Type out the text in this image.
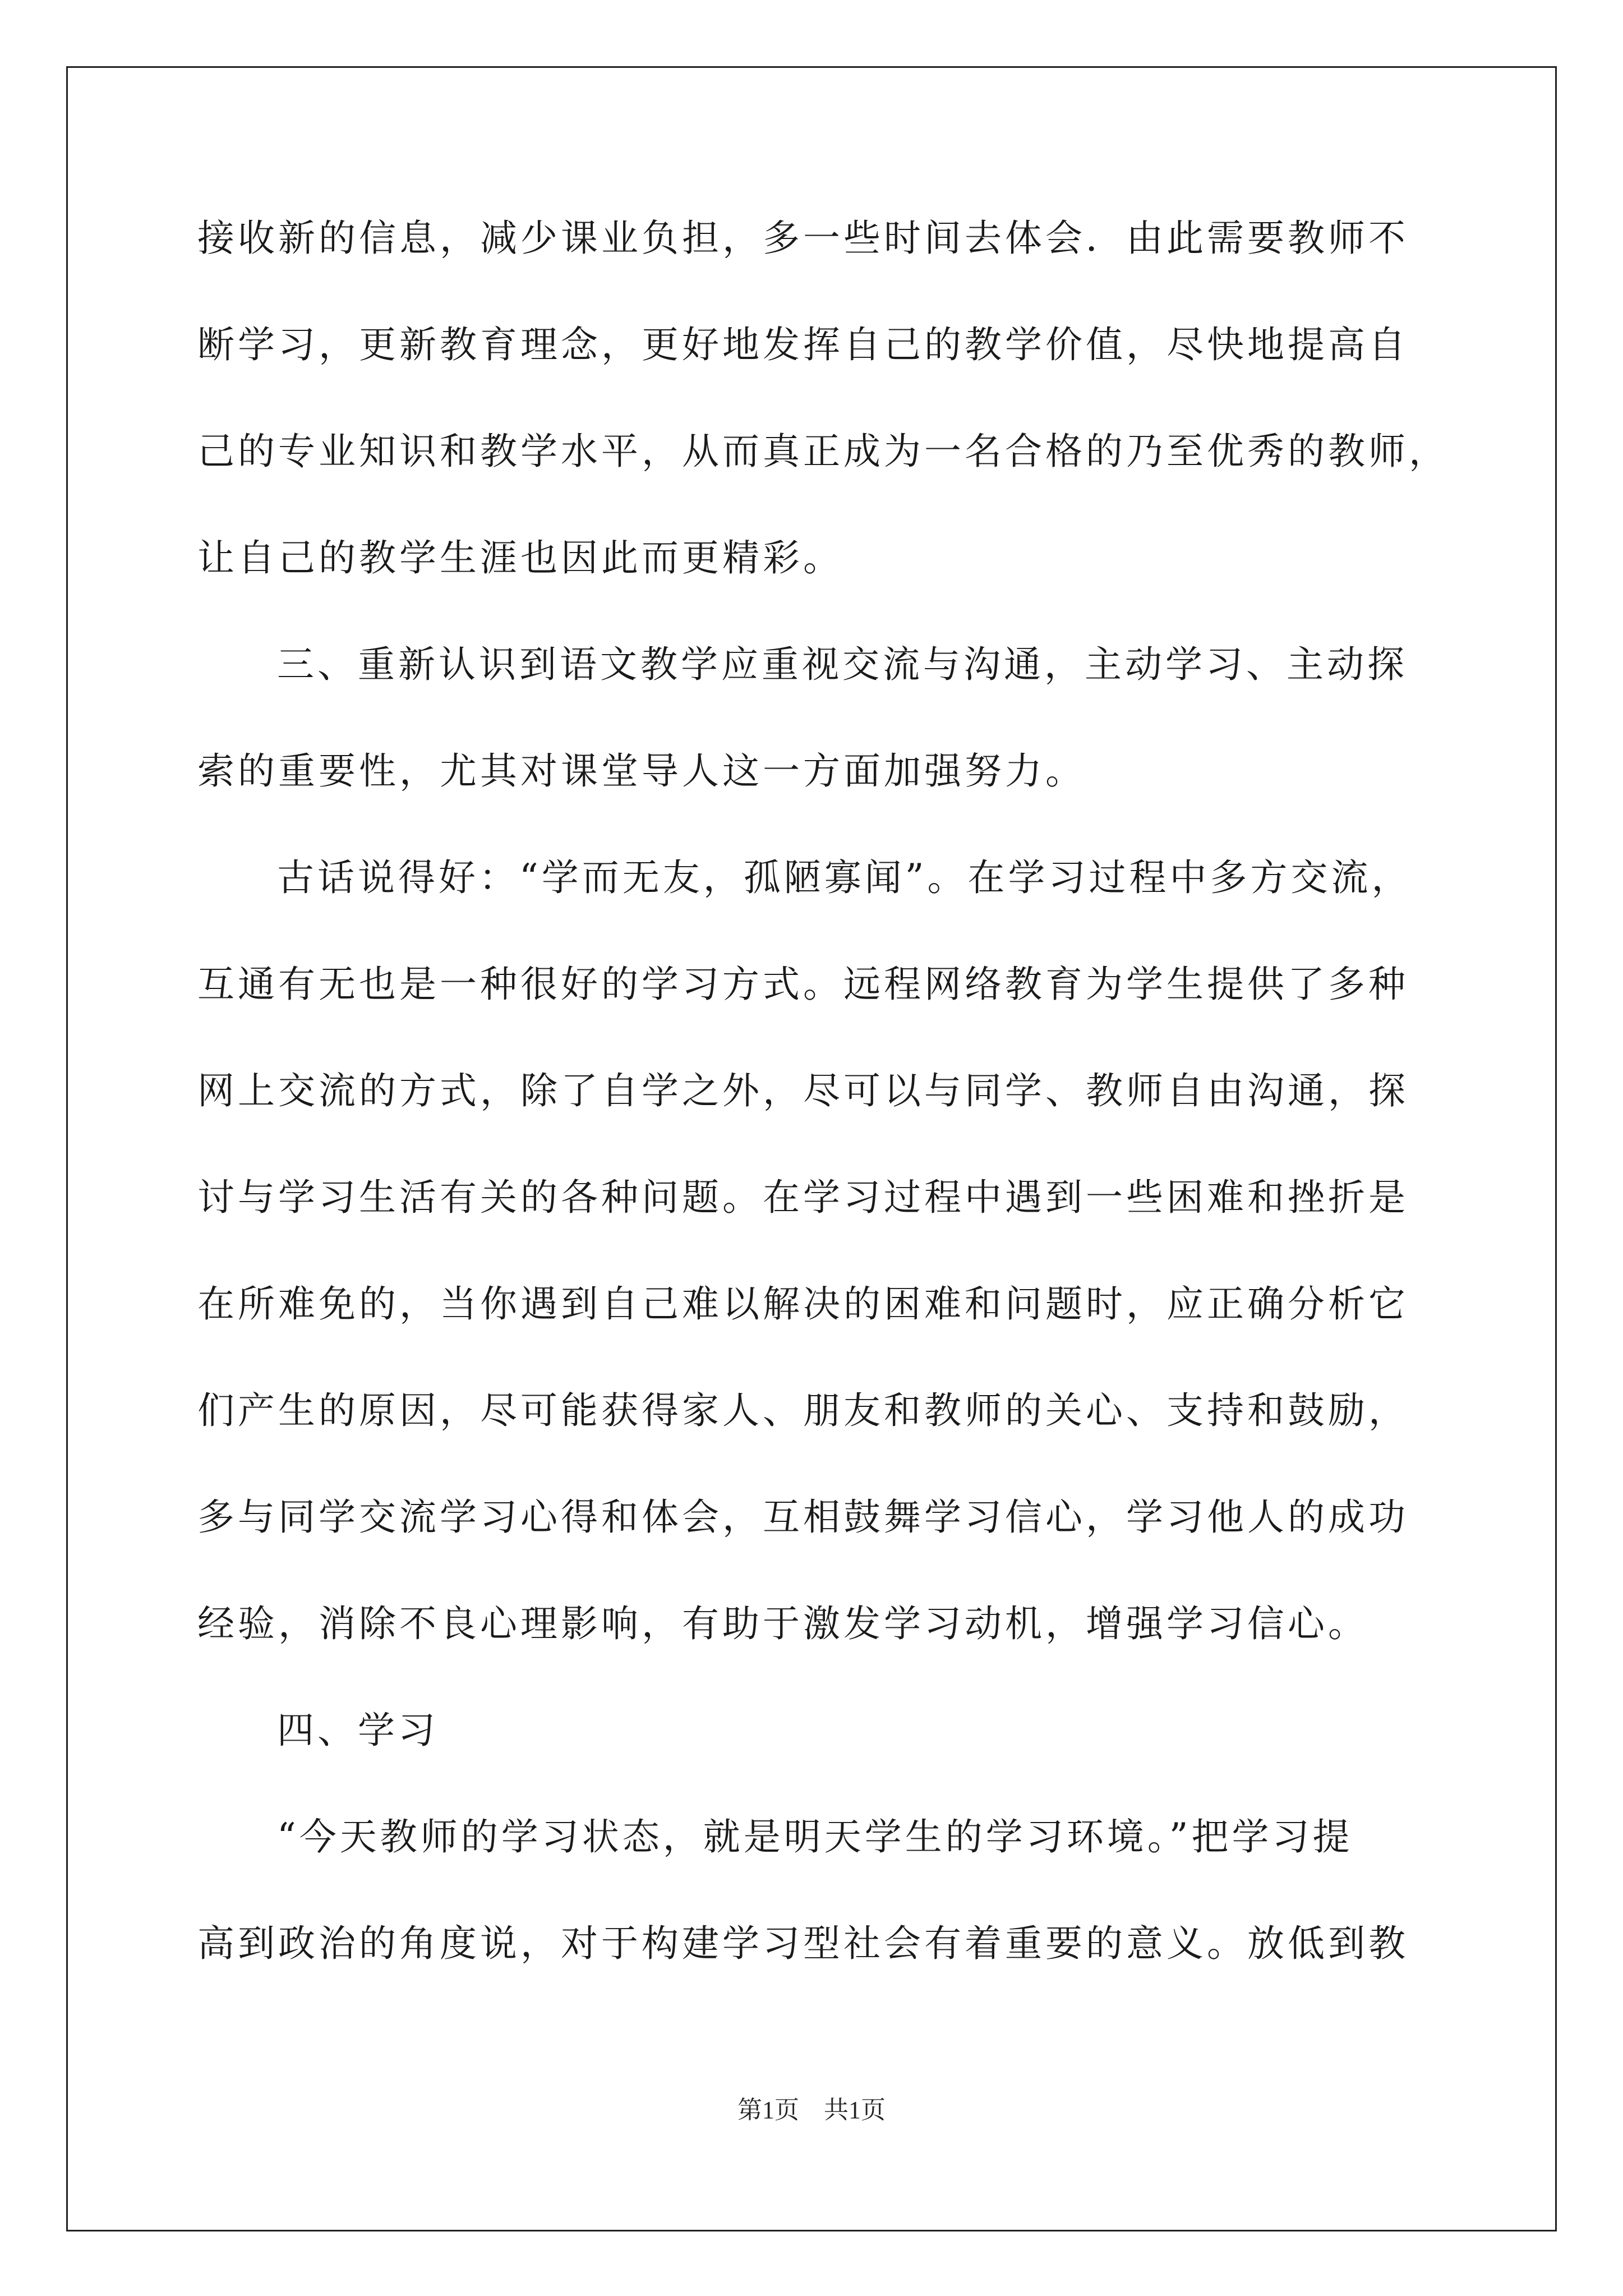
接收新的信息，减少课业负担，多一些时间去体会．由此需要教师不
断学习，更新教育理念，更好地发挥自己的教学价值，尽快地提高自
己的专业知识和教学水平，从而真正成为一名合格的乃至优秀的教师，
让自己的教学生涯也因此而更精彩。
三、重新认识到语文教学应重视交流与沟通，主动学习、主动探
索的重要性，尤其对课堂导人这一方面加强努力。
古话说得好：“学而无友，孤陋寡闻”。在学习过程中多方交流，
互通有无也是一种很好的学习方式。远程网络教育为学生提供了多种
网上交流的方式，除了自学之外，尽可以与同学、教师自由沟通，探
讨与学习生活有关的各种问题。在学习过程中遇到一些困难和挫折是
在所难免的，当你遇到自己难以解决的困难和问题时，应正确分析它
们产生的原因，尽可能获得家人、朋友和教师的关心、支持和鼓励，
多与同学交流学习心得和体会，互相鼓舞学习信心，学习他人的成功
经验，消除不良心理影响，有助于激发学习动机，增强学习信心。
四、学习
“今天教师的学习状态，就是明天学生的学习环境。”把学习提
高到政治的角度说，对于构建学习型社会有着重要的意义。放低到教
第1页　共1页
